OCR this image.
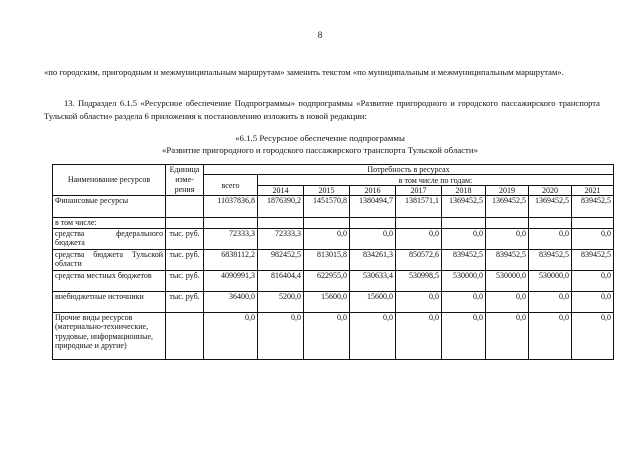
8
«по городским, пригородным и межмуниципальным маршрутам» заменить текстом «по муниципальным и межмуниципальным маршрутам».
13. Подраздел 6.1.5 «Ресурсное обеспечение Подпрограммы» подпрограммы «Развитие пригородного и городского пассажирского транспорта Тульской области» раздела 6 приложения к постановлению изложить в новой редакции:
«6.1.5 Ресурсное обеспечение подпрограммы
«Развитие пригородного и городского пассажирского транспорта Тульской области»
Наименование ресурсов	Единица изме-рения	Потребность в ресурсах								
		всего	в том числе по годам:							
			2014	2015	2016	2017	2018	2019	2020	2021
Финансовые ресурсы		11037836,8	1876390,2	1451570,8	1380494,7	1381571,1	1369452,5	1369452,5	1369452,5	839452,5
в том числе:										
средства федерального бюджета	тыс. руб.	72333,3	72333,3	0,0	0,0	0,0	0,0	0,0	0,0	0,0
средства бюджета Тульской области	тыс. руб.	6838112,2	982452,5	813015,8	834261,3	850572,6	839452,5	839452,5	839452,5	839452,5
средства местных бюджетов	тыс. руб.	4090991,3	816404,4	622955,0	530633,4	530998,5	530000,0	530000,0	530000,0	0,0
внебюджетные источники	тыс. руб.	36400,0	5200,0	15600,0	15600,0	0,0	0,0	0,0	0,0	0,0
Прочие виды ресурсов (материально-технические, трудовые, информационные, природные и другие)		0,0	0,0	0,0	0,0	0,0	0,0	0,0	0,0	0,0
